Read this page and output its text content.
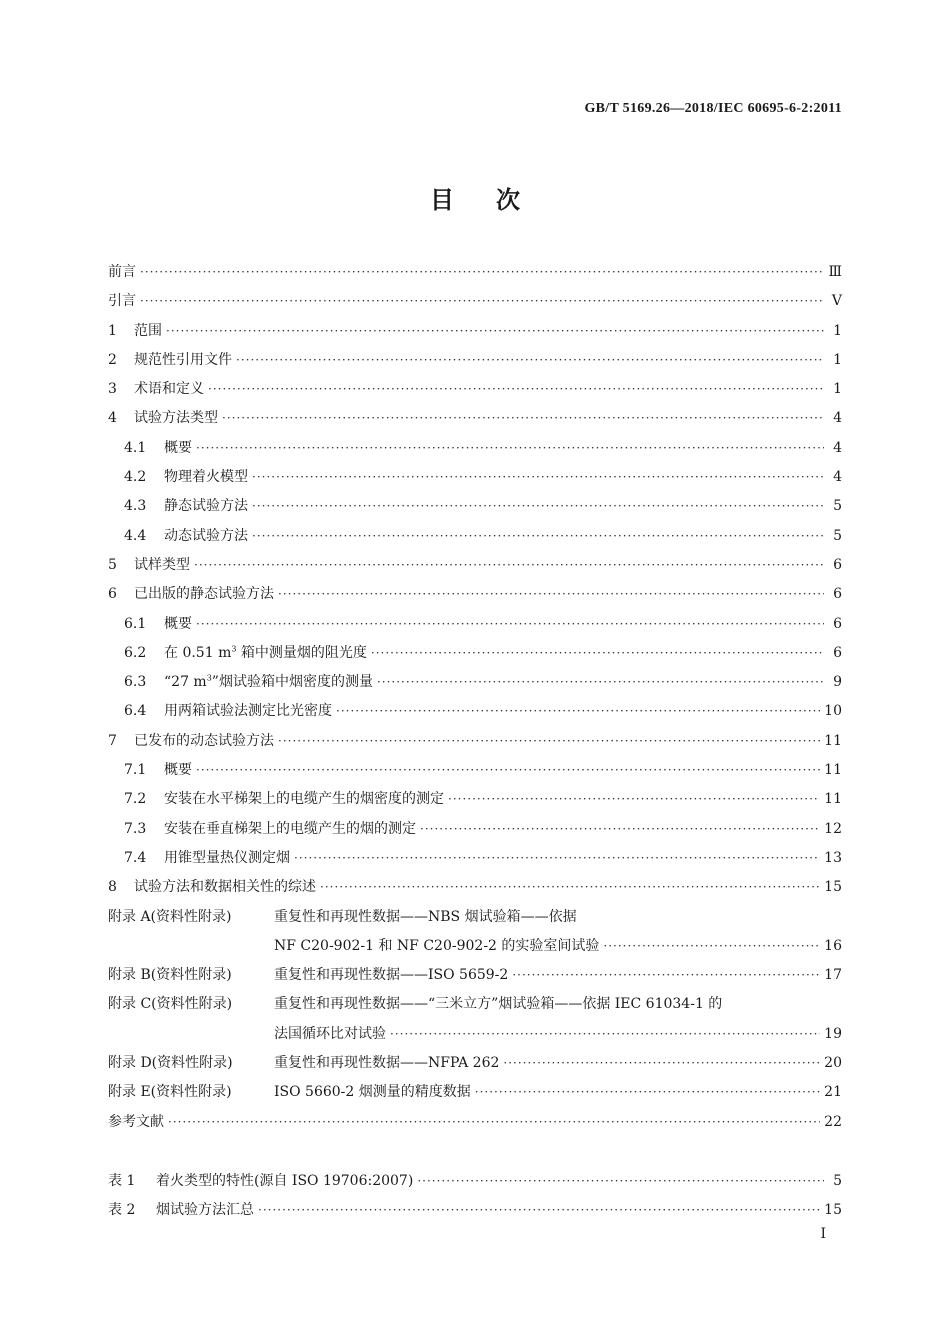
GB/T 5169.26—2018/IEC 60695-6-2:2011
目次
前言 ·····	Ⅲ
引言 ·····	Ⅴ
1 范围 ·····	1
2 规范性引用文件 ·····	1
3 术语和定义 ·····	1
4 试验方法类型 ·····	4
4.1 概要 ·····	4
4.2 物理着火模型 ·····	4
4.3 静态试验方法 ·····	5
4.4 动态试验方法 ·····	5
5 试样类型 ·····	6
6 已出版的静态试验方法 ·····	6
6.1 概要 ·····	6
6.2 在 0.51 $m^3$ 箱中测量烟的阻光度 ·····	6
6.3 “27 $m^3$”烟试验箱中烟密度的测量 ·····	9
6.4 用两箱试验法测定比光密度 ·····	10
7 已发布的动态试验方法 ·····	11
7.1 概要 ·····	11
7.2 安装在水平梯架上的电缆产生的烟密度的测定 ·····	11
7.3 安装在垂直梯架上的电缆产生的烟的测定 ·····	12
7.4 用锥型量热仪测定烟 ·····	13
8 试验方法和数据相关性的综述 ·····	15
附录 A(资料性附录)	重复性和再现性数据——NBS 烟试验箱——依据
NF C20-902-1 和 NF C20-902-2 的实验室间试验 ·····	16
附录 B(资料性附录)	重复性和再现性数据——ISO 5659-2 ·····	17
附录 C(资料性附录)	重复性和再现性数据——“三米立方”烟试验箱——依据 IEC 61034-1 的
法国循环比对试验 ·····	19
附录 D(资料性附录)	重复性和再现性数据——NFPA 262 ·····	20
附录 E(资料性附录)	ISO 5660-2 烟测量的精度数据 ·····	21
参考文献 ·····	22
表 1 着火类型的特性(源自 ISO 19706:2007) ·····	5
表 2 烟试验方法汇总 ·····	15
Ⅰ
